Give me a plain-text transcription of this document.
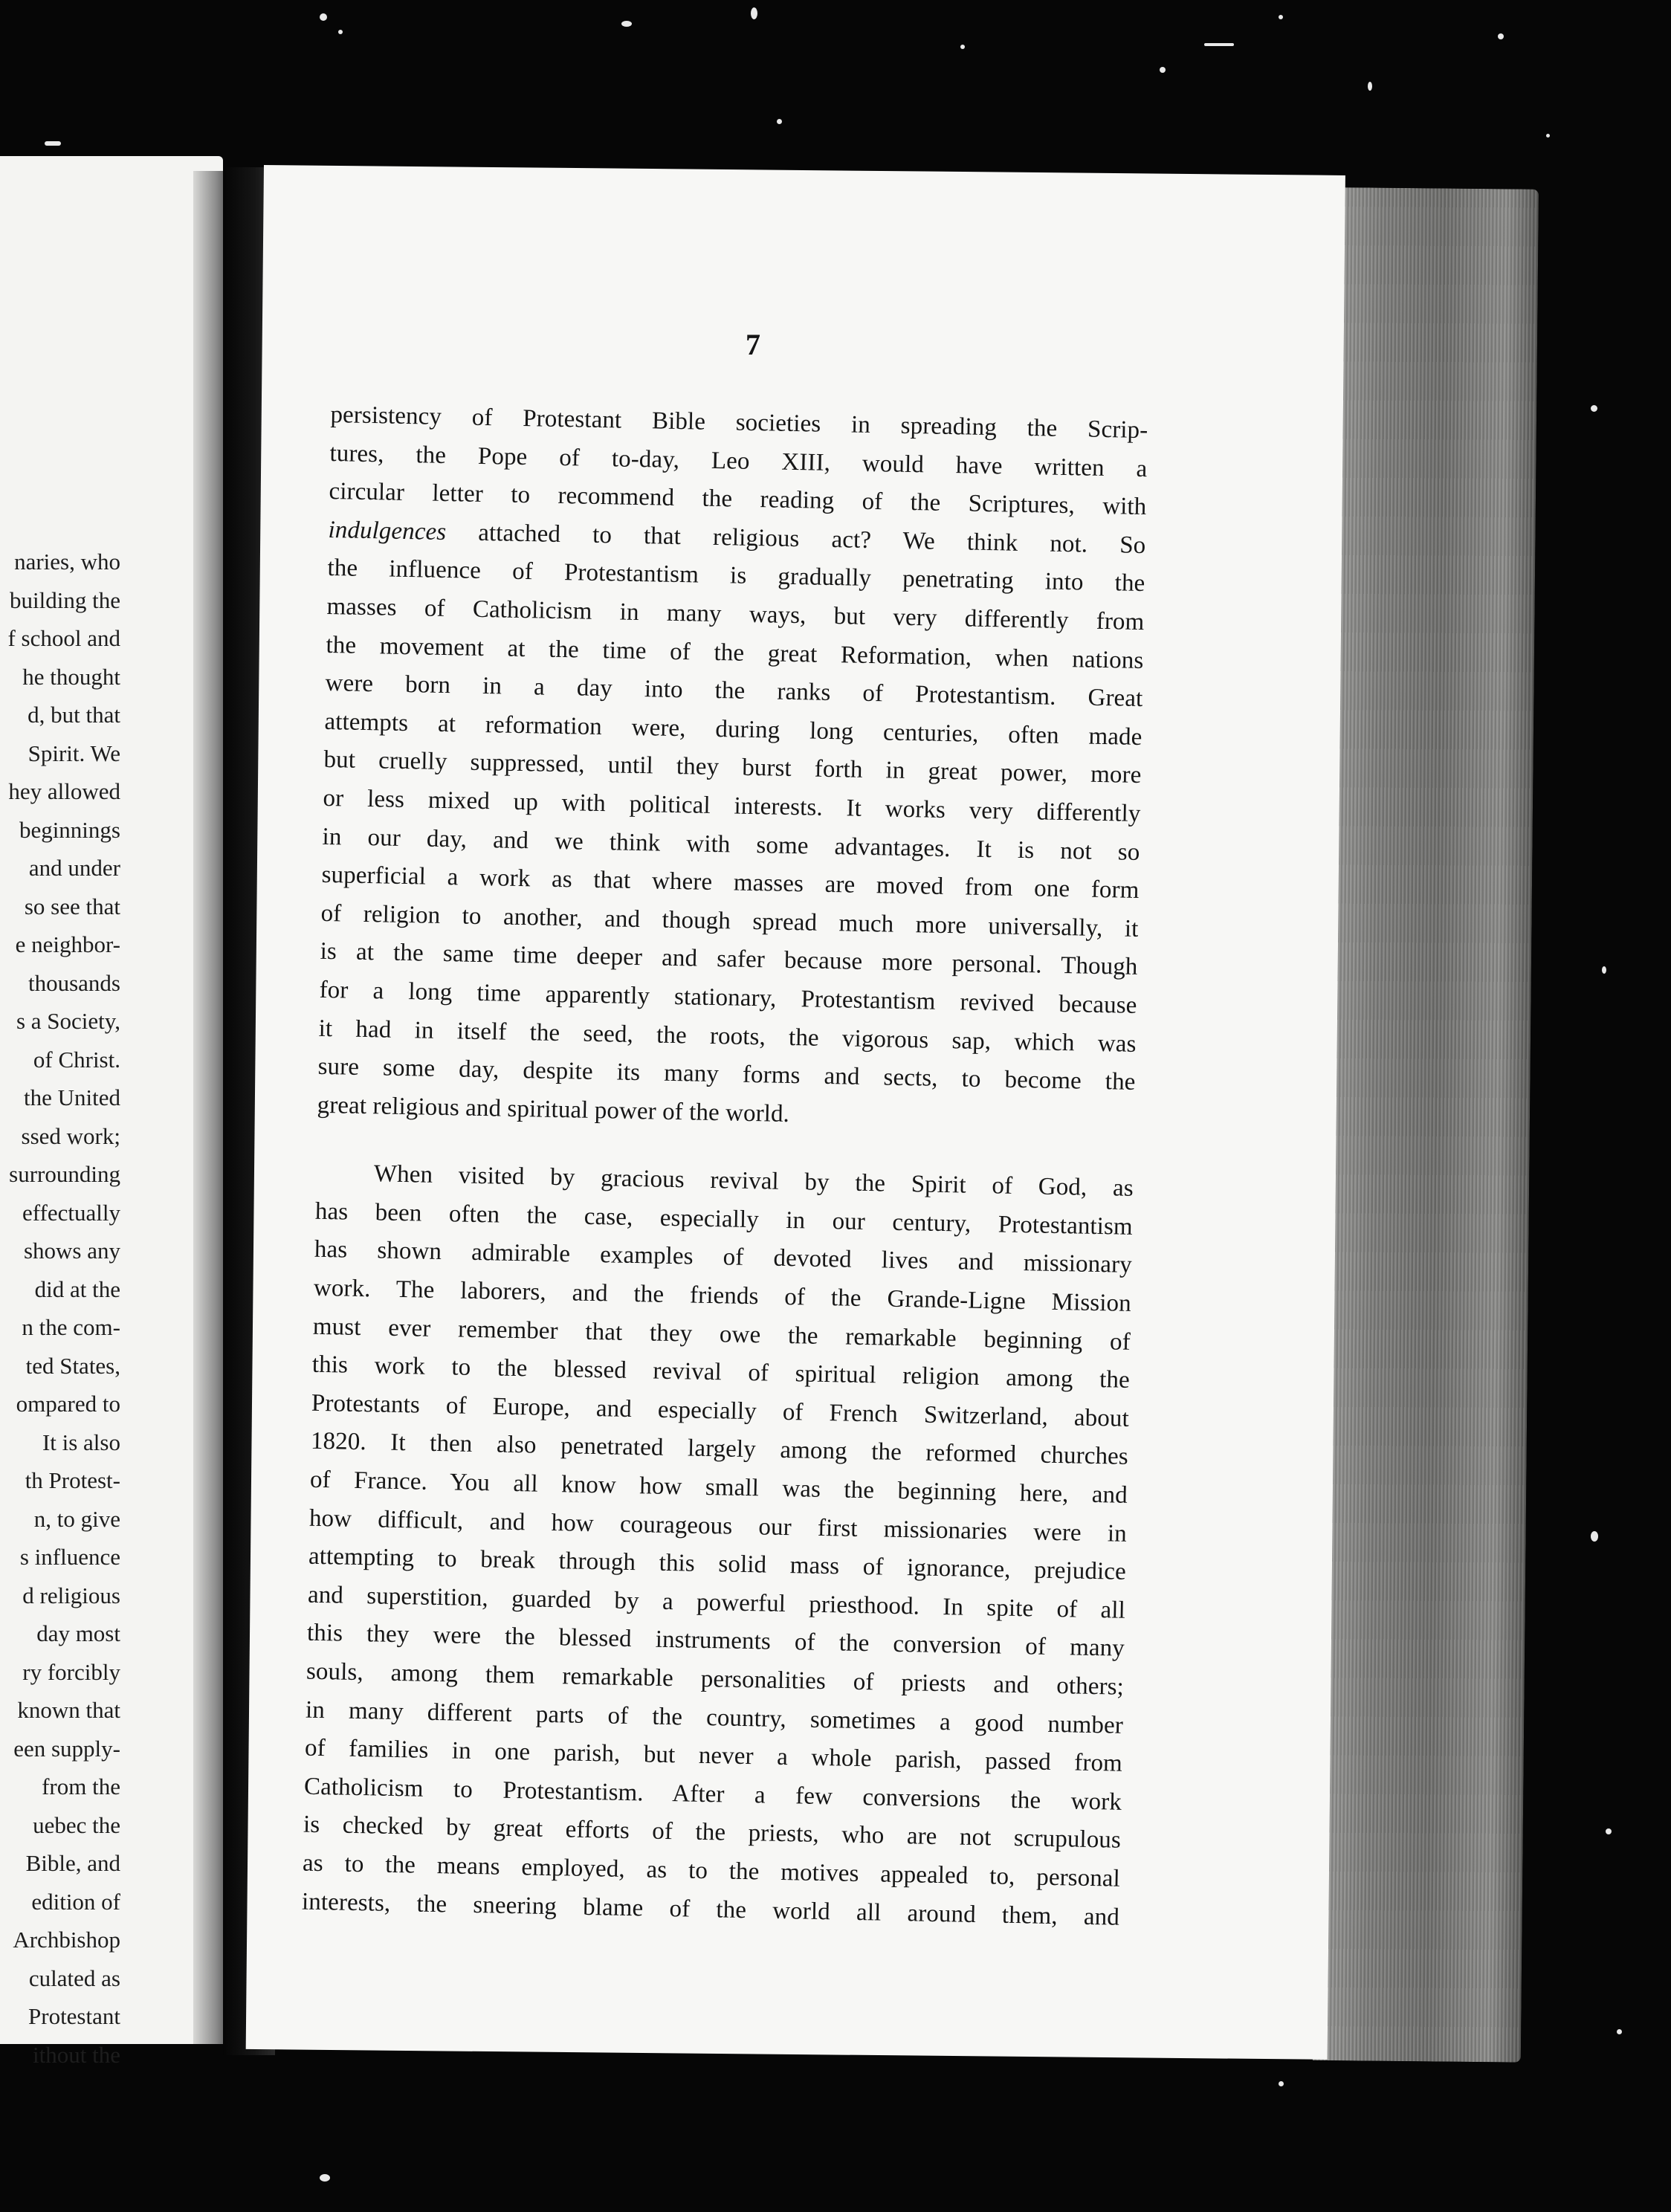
naries, who
building the
f school and
he thought
d, but that
Spirit. We
hey allowed
beginnings
and under
so see that
e neighbor-
thousands
s a Society,
of Christ.
the United
ssed work;
surrounding
effectually
shows any
did at the
n the com-
ted States,
ompared to
It is also
th Protest-
n, to give
s influence
d religious
day most
ry forcibly
known that
een supply-
from the
uebec the
Bible, and
edition of
Archbishop
culated as
Protestant
ithout the
7
persistency of Protestant Bible societies in spreading the Scrip-
tures, the Pope of to-day, Leo XIII, would have written a
circular letter to recommend the reading of the Scriptures, with
indulgences attached to that religious act? We think not. So
the influence of Protestantism is gradually penetrating into the
masses of Catholicism in many ways, but very differently from
the movement at the time of the great Reformation, when nations
were born in a day into the ranks of Protestantism. Great
attempts at reformation were, during long centuries, often made
but cruelly suppressed, until they burst forth in great power, more
or less mixed up with political interests. It works very differently
in our day, and we think with some advantages. It is not so
superficial a work as that where masses are moved from one form
of religion to another, and though spread much more universally, it
is at the same time deeper and safer because more personal. Though
for a long time apparently stationary, Protestantism revived because
it had in itself the seed, the roots, the vigorous sap, which was
sure some day, despite its many forms and sects, to become the
great religious and spiritual power of the world.
When visited by gracious revival by the Spirit of God, as
has been often the case, especially in our century, Protestantism
has shown admirable examples of devoted lives and missionary
work. The laborers, and the friends of the Grande-Ligne Mission
must ever remember that they owe the remarkable beginning of
this work to the blessed revival of spiritual religion among the
Protestants of Europe, and especially of French Switzerland, about
1820. It then also penetrated largely among the reformed churches
of France. You all know how small was the beginning here, and
how difficult, and how courageous our first missionaries were in
attempting to break through this solid mass of ignorance, prejudice
and superstition, guarded by a powerful priesthood. In spite of all
this they were the blessed instruments of the conversion of many
souls, among them remarkable personalities of priests and others;
in many different parts of the country, sometimes a good number
of families in one parish, but never a whole parish, passed from
Catholicism to Protestantism. After a few conversions the work
is checked by great efforts of the priests, who are not scrupulous
as to the means employed, as to the motives appealed to, personal
interests, the sneering blame of the world all around them, and
